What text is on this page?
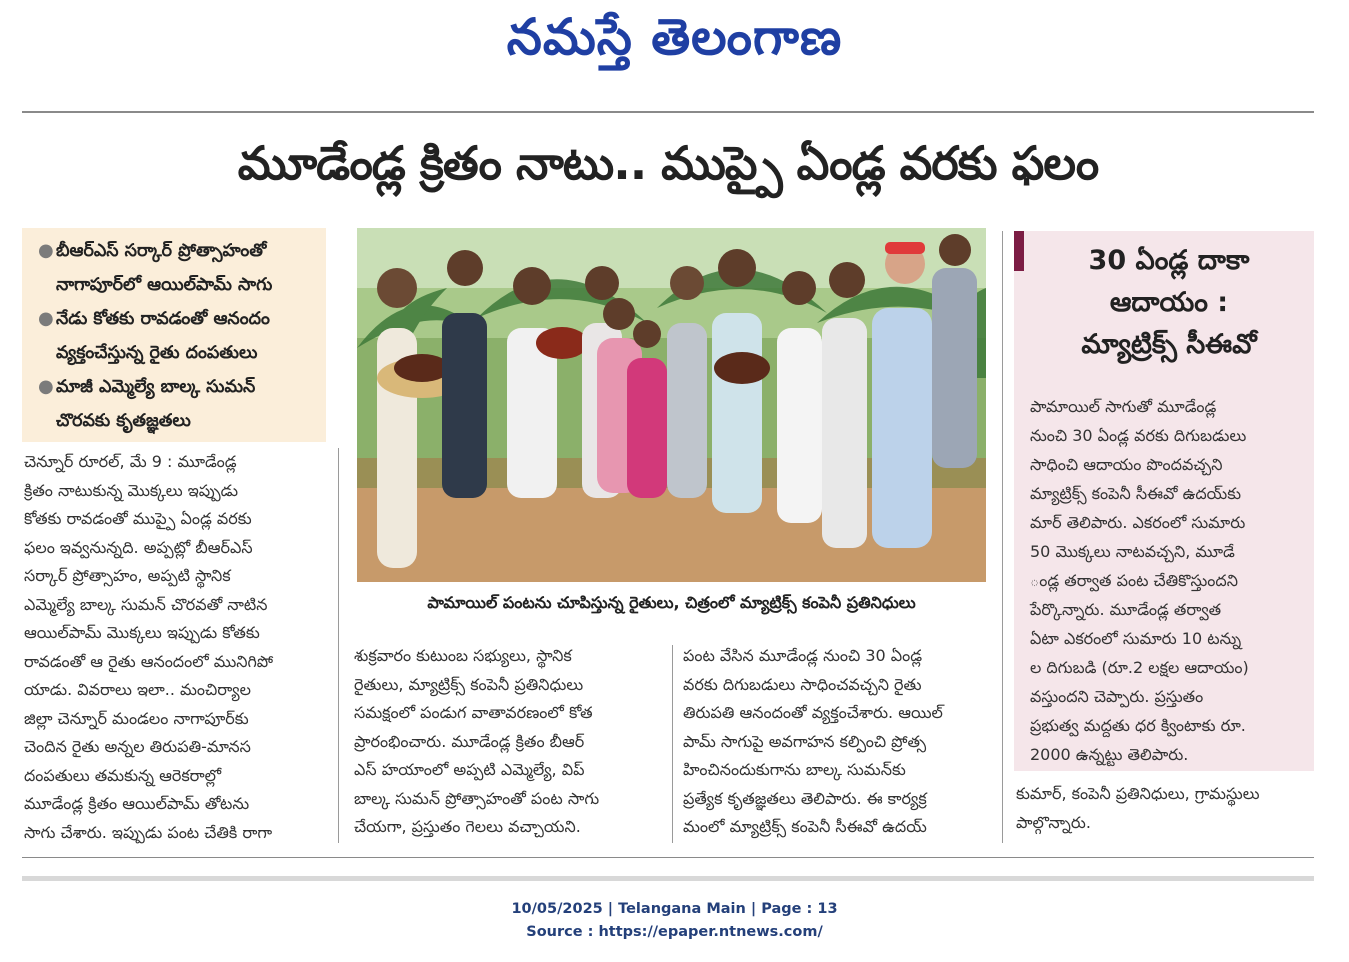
నమస్తే తెలంగాణ
మూడేండ్ల క్రితం నాటు.. ముప్పై ఏండ్ల వరకు ఫలం
● బీఆర్ఎస్ సర్కార్ ప్రోత్సాహంతో
నాగాపూర్‌లో ఆయిల్‌పామ్ సాగు
● నేడు కోతకు రావడంతో ఆనందం
వ్యక్తంచేస్తున్న రైతు దంపతులు
● మాజీ ఎమ్మెల్యే బాల్క సుమన్
చొరవకు కృతజ్ఞతలు
చెన్నూర్ రూరల్, మే 9 : మూడేండ్ల
క్రితం నాటుకున్న మొక్కలు ఇప్పుడు
కోతకు రావడంతో ముప్పై ఏండ్ల వరకు
ఫలం ఇవ్వనున్నది. అప్పట్లో బీఆర్ఎస్
సర్కార్ ప్రోత్సాహం, అప్పటి స్థానిక
ఎమ్మెల్యే బాల్క సుమన్ చొరవతో నాటిన
ఆయిల్‌పామ్ మొక్కలు ఇప్పుడు కోతకు
రావడంతో ఆ రైతు ఆనందంలో మునిగిపో
యాడు. వివరాలు ఇలా.. మంచిర్యాల
జిల్లా చెన్నూర్ మండలం నాగాపూర్‌కు
చెందిన రైతు అన్నల తిరుపతి-మానస
దంపతులు తమకున్న ఆరెకరాల్లో
మూడేండ్ల క్రితం ఆయిల్‌పామ్ తోటను
సాగు చేశారు. ఇప్పుడు పంట చేతికి రాగా
పామాయిల్ పంటను చూపిస్తున్న రైతులు, చిత్రంలో మ్యాట్రిక్స్ కంపెనీ ప్రతినిధులు
శుక్రవారం కుటుంబ సభ్యులు, స్థానిక
రైతులు, మ్యాట్రిక్స్ కంపెనీ ప్రతినిధులు
సమక్షంలో పండుగ వాతావరణంలో కోత
ప్రారంభించారు. మూడేండ్ల క్రితం బీఆర్
ఎస్ హయాంలో అప్పటి ఎమ్మెల్యే, విప్
బాల్క సుమన్ ప్రోత్సాహంతో పంట సాగు
చేయగా, ప్రస్తుతం గెలలు వచ్చాయని.
పంట వేసిన మూడేండ్ల నుంచి 30 ఏండ్ల
వరకు దిగుబడులు సాధించవచ్చని రైతు
తిరుపతి ఆనందంతో వ్యక్తంచేశారు. ఆయిల్
పామ్ సాగుపై అవగాహన కల్పించి ప్రోత్స
హించినందుకుగాను బాల్క సుమన్‌కు
ప్రత్యేక కృతజ్ఞతలు తెలిపారు. ఈ కార్యక్ర
మంలో మ్యాట్రిక్స్ కంపెనీ సీఈవో ఉదయ్
30 ఏండ్ల దాకా
ఆదాయం :
మ్యాట్రిక్స్ సీఈవో
పామాయిల్ సాగుతో మూడేండ్ల
నుంచి 30 ఏండ్ల వరకు దిగుబడులు
సాధించి ఆదాయం పొందవచ్చని
మ్యాట్రిక్స్ కంపెనీ సీఈవో ఉదయ్‌కు
మార్ తెలిపారు. ఎకరంలో సుమారు
50 మొక్కలు నాటవచ్చని, మూడే
ండ్ల తర్వాత పంట చేతికొస్తుందని
పేర్కొన్నారు. మూడేండ్ల తర్వాత
ఏటా ఎకరంలో సుమారు 10 టన్ను
ల దిగుబడి (రూ.2 లక్షల ఆదాయం)
వస్తుందని చెప్పారు. ప్రస్తుతం
ప్రభుత్వ మద్దతు ధర క్వింటాకు రూ.
2000 ఉన్నట్టు తెలిపారు.
కుమార్, కంపెనీ ప్రతినిధులు, గ్రామస్థులు
పాల్గొన్నారు.
10/05/2025 | Telangana Main | Page : 13
Source : https://epaper.ntnews.com/
